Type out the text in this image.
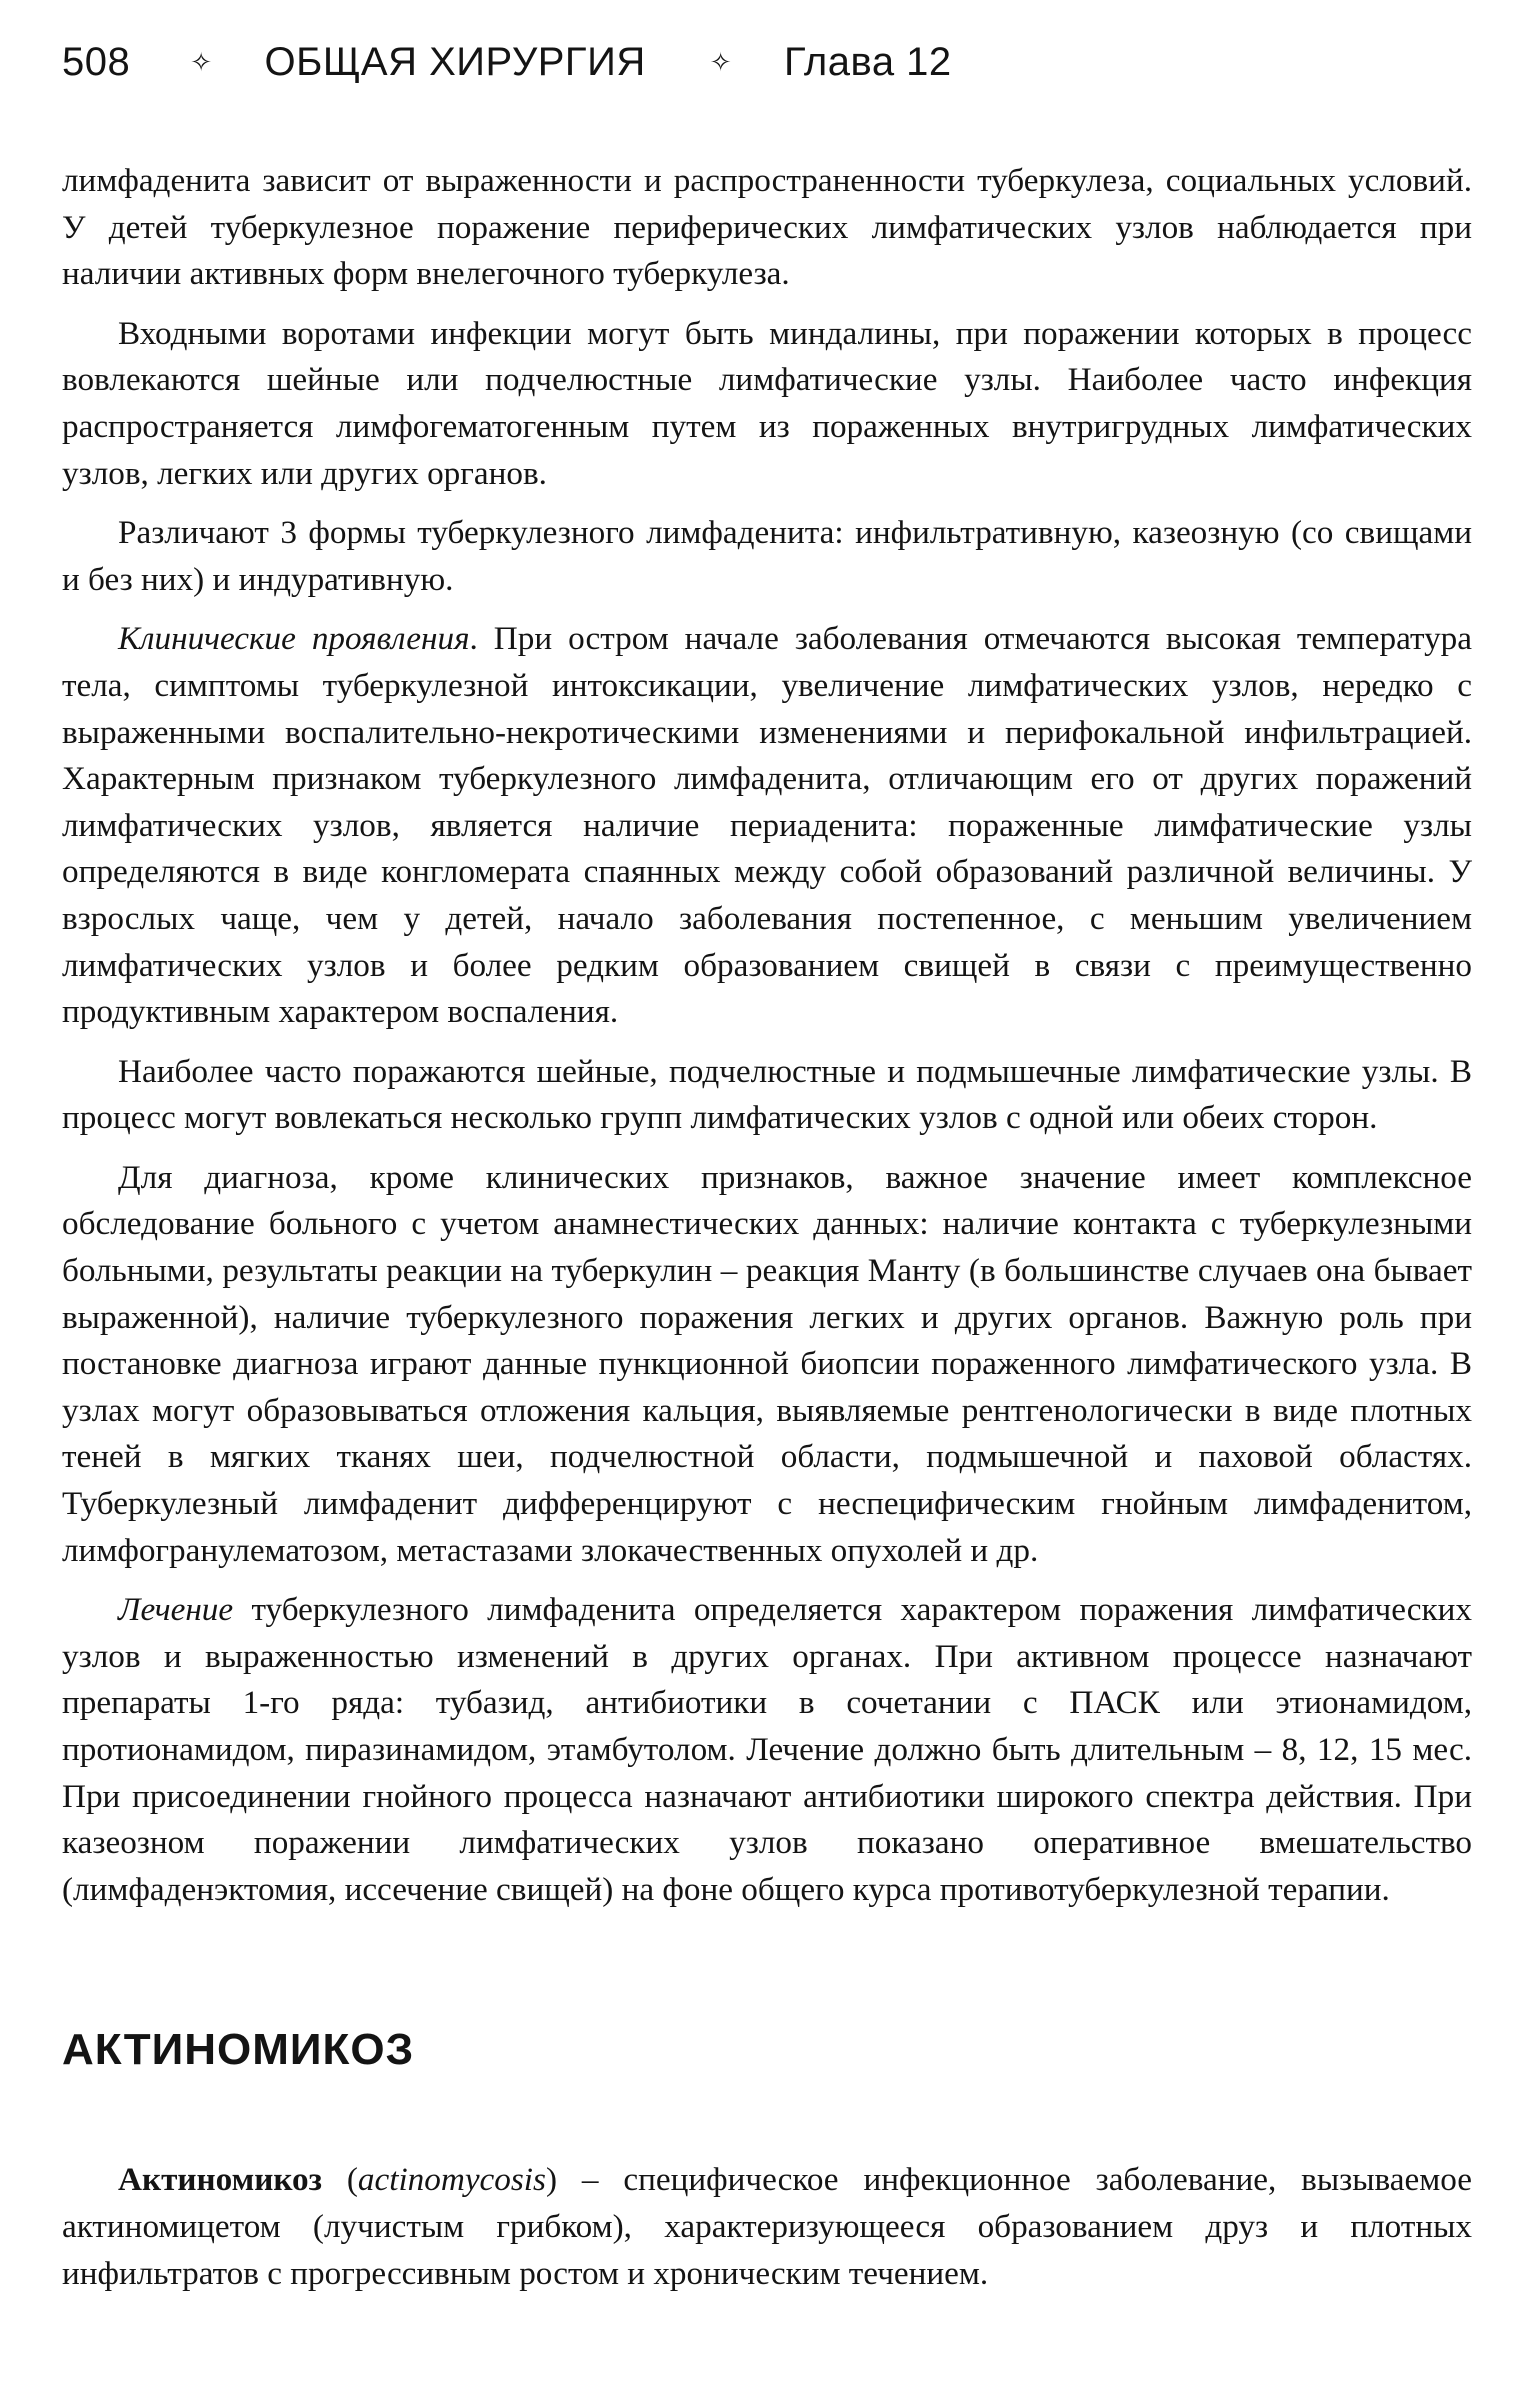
508 ✧ ОБЩАЯ ХИРУРГИЯ ✧ Глава 12

лимфаденита зависит от выраженности и распространенности туберкулеза, социальных условий. У детей туберкулезное поражение периферических лимфатических узлов наблюдается при наличии активных форм внелегочного туберкулеза.

Входными воротами инфекции могут быть миндалины, при поражении которых в процесс вовлекаются шейные или подчелюстные лимфатические узлы. Наиболее часто инфекция распространяется лимфогематогенным путем из пораженных внутригрудных лимфатических узлов, легких или других органов.

Различают 3 формы туберкулезного лимфаденита: инфильтративную, казеозную (со свищами и без них) и индуративную.

Клинические проявления. При остром начале заболевания отмечаются высокая температура тела, симптомы туберкулезной интоксикации, увеличение лимфатических узлов, нередко с выраженными воспалительно-некротическими изменениями и перифокальной инфильтрацией. Характерным признаком туберкулезного лимфаденита, отличающим его от других поражений лимфатических узлов, является наличие периаденита: пораженные лимфатические узлы определяются в виде конгломерата спаянных между собой образований различной величины. У взрослых чаще, чем у детей, начало заболевания постепенное, с меньшим увеличением лимфатических узлов и более редким образованием свищей в связи с преимущественно продуктивным характером воспаления.

Наиболее часто поражаются шейные, подчелюстные и подмышечные лимфатические узлы. В процесс могут вовлекаться несколько групп лимфатических узлов с одной или обеих сторон.

Для диагноза, кроме клинических признаков, важное значение имеет комплексное обследование больного с учетом анамнестических данных: наличие контакта с туберкулезными больными, результаты реакции на туберкулин – реакция Манту (в большинстве случаев она бывает выраженной), наличие туберкулезного поражения легких и других органов. Важную роль при постановке диагноза играют данные пункционной биопсии пораженного лимфатического узла. В узлах могут образовываться отложения кальция, выявляемые рентгенологически в виде плотных теней в мягких тканях шеи, подчелюстной области, подмышечной и паховой областях. Туберкулезный лимфаденит дифференцируют с неспецифическим гнойным лимфаденитом, лимфогранулематозом, метастазами злокачественных опухолей и др.

Лечение туберкулезного лимфаденита определяется характером поражения лимфатических узлов и выраженностью изменений в других органах. При активном процессе назначают препараты 1-го ряда: тубазид, антибиотики в сочетании с ПАСК или этионамидом, протионамидом, пиразинамидом, этамбутолом. Лечение должно быть длительным – 8, 12, 15 мес. При присоединении гнойного процесса назначают антибиотики широкого спектра действия. При казеозном поражении лимфатических узлов показано оперативное вмешательство (лимфаденэктомия, иссечение свищей) на фоне общего курса противотуберкулезной терапии.

АКТИНОМИКОЗ

Актиномикоз (actinomycosis) – специфическое инфекционное заболевание, вызываемое актиномицетом (лучистым грибком), характеризующееся образованием друз и плотных инфильтратов с прогрессивным ростом и хроническим течением.
